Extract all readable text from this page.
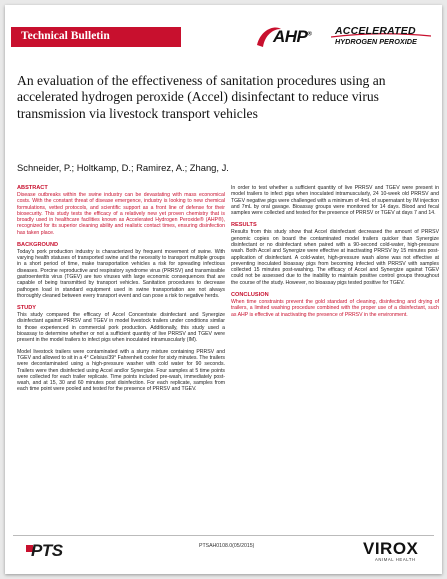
Technical Bulletin	AHP® ACCELERATED
HYDROGEN PEROXIDE
An evaluation of the effectiveness of sanitation procedures using an accelerated hydrogen peroxide (Accel) disinfectant to reduce virus transmission via livestock transport vehicles
Schneider, P.; Holtkamp, D.; Ramirez, A.; Zhang, J.
ABSTRACT
Disease outbreaks within the swine industry can be devastating with mass economical costs. With the constant threat of disease emergence, industry is looking to new chemical formulations, vetted protocols, and scientific support as a front line of defense for their biosecurity. This study tests the efficacy of a relatively new yet proven chemistry that is broadly used in healthcare facilities known as Accelerated Hydrogen Peroxide® (AHP®), recognized for its superior cleaning ability and realistic contact times, ensuring disinfection has taken place.
BACKGROUND
Today's pork production industry is characterized by frequent movement of swine. With varying health statuses of transported swine and the necessity to transport multiple groups in a short period of time, make transportation vehicles a risk for spreading infectious diseases. Porcine reproductive and respiratory syndrome virus (PRRSV) and transmissible gastroenteritis virus (TGEV) are two viruses with large economic consequences that are capable of being transmitted by transport vehicles. Sanitation procedures to decrease pathogen load in standard equipment used in swine transportation are not always thoroughly cleaned between every transport event and can pose a risk to negative herds.
STUDY
This study compared the efficacy of Accel Concentrate disinfectant and Synergize disinfectant against PRRSV and TGEV in model livestock trailers under conditions similar to those experienced in commercial pork production. Additionally, this study used a bioassay to determine whether or not a sufficient quantity of live PRRSV and TGEV were present in the model trailers to infect pigs when inoculated intramuscularly (IM).
Model livestock trailers were contaminated with a slurry mixture containing PRRSV and TGEV and allowed to sit in a 4° Celsius/39° Fahrenheit cooler for sixty minutes. The trailers were decontaminated using a high-pressure washer with cold water for 90 seconds. Trailers were then disinfected using Accel and/or Synergize. Four samples at 5 time points were collected for each trailer replicate. Time points included pre-wash, immediately post-wash, and at 15, 30 and 60 minutes post disinfection. For each replicate, samples from each time point were pooled and tested for the presence of PRRSV and TGEV.
In order to test whether a sufficient quantity of live PRRSV and TGEV were present in model trailers to infect pigs when inoculated intramuscularly, 24 10-week old PRRSV and TGEV negative pigs were challenged with a minimum of 4mL of supernatant by IM injection and 7mL by oral gavage. Bioassay groups were monitored for 14 days. Blood and fecal samples were collected and tested for the presence of PRRSV or TGEV at days 7 and 14.
RESULTS
Results from this study show that Accel disinfectant decreased the amount of PRRSV genomic copies on board the contaminated model trailers quicker than Synergize disinfectant or no disinfectant when paired with a 90-second cold-water, high-pressure wash. Both Accel and Synergize were effective at inactivating PRRSV by 15 minutes post-application of disinfectant. A cold-water, high-pressure wash alone was not effective at preventing inoculated bioassay pigs from becoming infected with PRRSV with samples collected 15 minutes post-washing. The efficacy of Accel and Synergize against TGEV could not be assessed due to the inability to maintain positive control groups throughout the course of the study. However, no bioassay pigs tested positive for TGEV.
CONCLUSION
When time constraints prevent the gold standard of cleaning, disinfecting and drying of trailers, a limited washing procedure combined with the proper use of a disinfectant, such as AHP is effective at inactivating the presence of PRRSV in the environment.
PTS	PTSAH0108.0(05/2015)	VIROX
ANIMAL HEALTH
